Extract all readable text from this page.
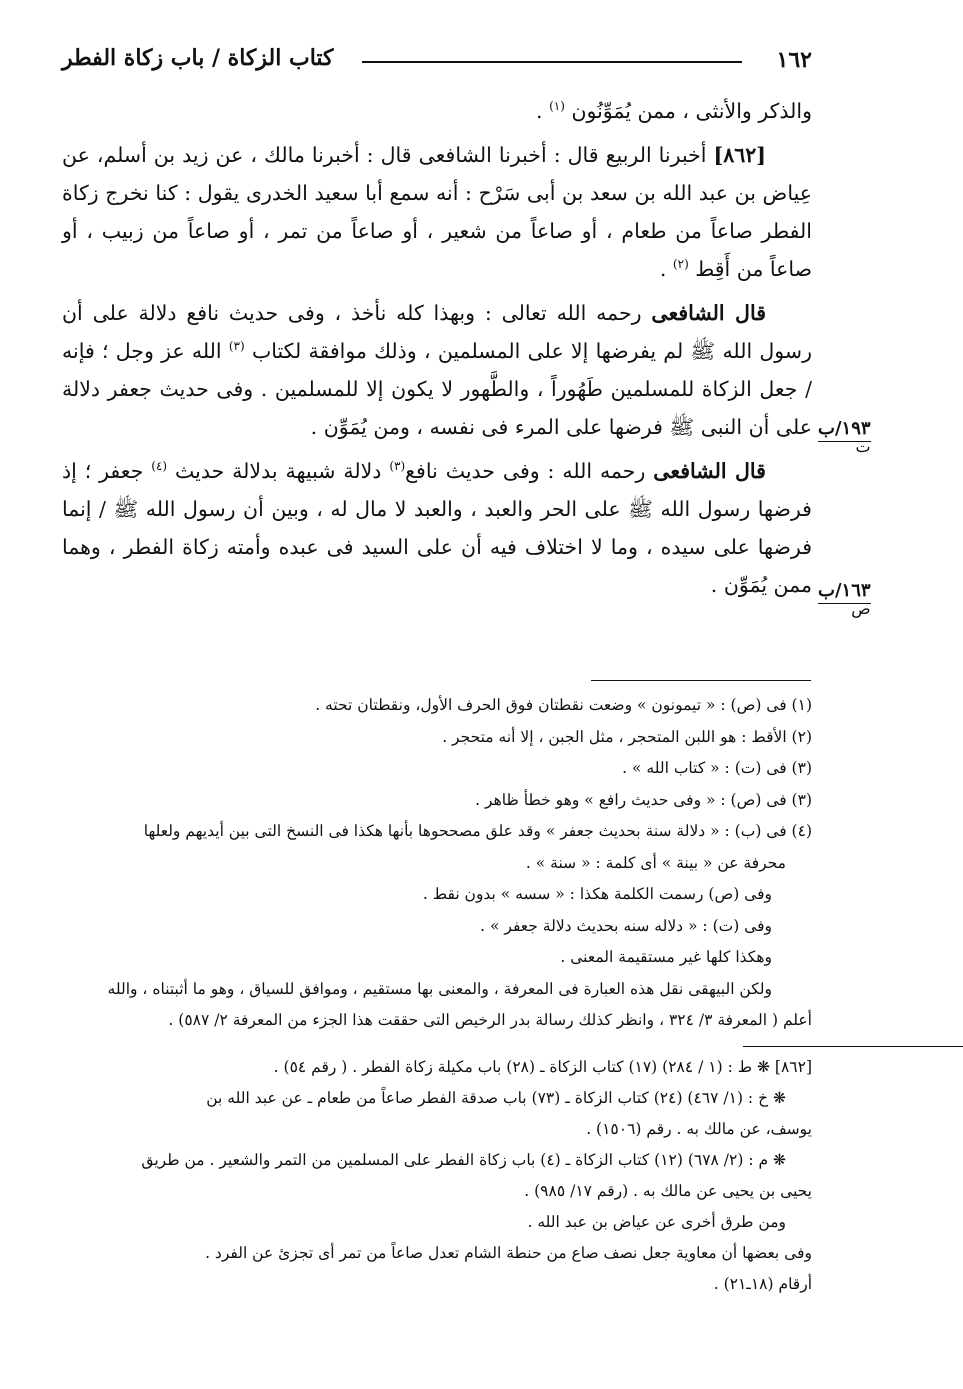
١٦٢
كتاب الزكاة / باب زكاة الفطر

والذكر والأنثى ، ممن يُمَوِّنُون $^{(١)}$ .

[٨٦٢] أخبرنا الربيع قال : أخبرنا الشافعى قال : أخبرنا مالك ، عن زيد بن أسلم، عن عِياض بن عبد الله بن سعد بن أبى سَرْح : أنه سمع أبا سعيد الخدرى يقول : كنا نخرج زكاة الفطر صاعاً من طعام ، أو صاعاً من شعير ، أو صاعاً من تمر ، أو صاعاً من زبيب ، أو صاعاً من أَقِط $^{(٢)}$ .

قال الشافعى رحمه الله تعالى : وبهذا كله نأخذ ، وفى حديث نافع دلالة على أن رسول الله ﷺ لم يفرضها إلا على المسلمين ، وذلك موافقة لكتاب $^{(٣)}$ الله عز وجل ؛ فإنه / جعل الزكاة للمسلمين طَهُوراً ، والطَّهور لا يكون إلا للمسلمين . وفى حديث جعفر دلالة على أن النبى ﷺ فرضها على المرء فى نفسه ، ومن يُمَوِّن .

قال الشافعى رحمه الله : وفى حديث نافع$^{(٣)}$ دلالة شبيهة بدلالة حديث $^{(٤)}$ جعفر ؛ إذ فرضها رسول الله ﷺ على الحر والعبد ، والعبد لا مال له ، وبين أن رسول الله ﷺ / إنما فرضها على سيده ، وما لا اختلاف فيه أن على السيد فى عبده وأمته زكاة الفطر ، وهما ممن يُمَوِّن .

١٩٣/ب
ت
١٦٣/ب
ص
(١) فى (ص) : « تيمونون » وضعت نقطتان فوق الحرف الأول، ونقطتان تحته .
(٢) الأقط : هو اللبن المتحجر ، مثل الجبن ، إلا أنه متحجر .
(٣) فى (ت) : « كتاب الله » .
(٣) فى (ص) : « وفى حديث رافع » وهو خطأ ظاهر .
(٤) فى (ب) : « دلالة سنة بحديث جعفر » وقد علق مصححوها بأنها هكذا فى النسخ التى بين أيديهم ولعلها
محرفة عن « بينة » أى كلمة : « سنة » .
وفى (ص) رسمت الكلمة هكذا : « سسه » بدون نقط .
وفى (ت) : « دلاله سنه بحديث دلالة جعفر » .
وهكذا كلها غير مستقيمة المعنى .
ولكن البيهقى نقل هذه العبارة فى المعرفة ، والمعنى بها مستقيم ، وموافق للسياق ، وهو ما أثبتناه ، والله
أعلم ( المعرفة ٣/ ٣٢٤ ، وانظر كذلك رسالة بدر الرخيص التى حققت هذا الجزء من المعرفة ٢/ ٥٨٧) .
[٨٦٢] ❋ ط : (١ / ٢٨٤) (١٧) كتاب الزكاة ـ (٢٨) باب مكيلة زكاة الفطر . ( رقم ٥٤) .
❋ خ : (١/ ٤٦٧) (٢٤) كتاب الزكاة ـ (٧٣) باب صدقة الفطر صاعاً من طعام ـ عن عبد الله بن
يوسف، عن مالك به . رقم (١٥٠٦) .
❋ م : (٢/ ٦٧٨) (١٢) كتاب الزكاة ـ (٤) باب زكاة الفطر على المسلمين من التمر والشعير . من طريق
يحيى بن يحيى عن مالك به . (رقم ١٧/ ٩٨٥) .
ومن طرق أخرى عن عياض بن عبد الله .
وفى بعضها أن معاوية جعل نصف صاع من حنطة الشام تعدل صاعاً من تمر أى تجزئ عن الفرد .
أرقام (١٨ـ٢١) .
